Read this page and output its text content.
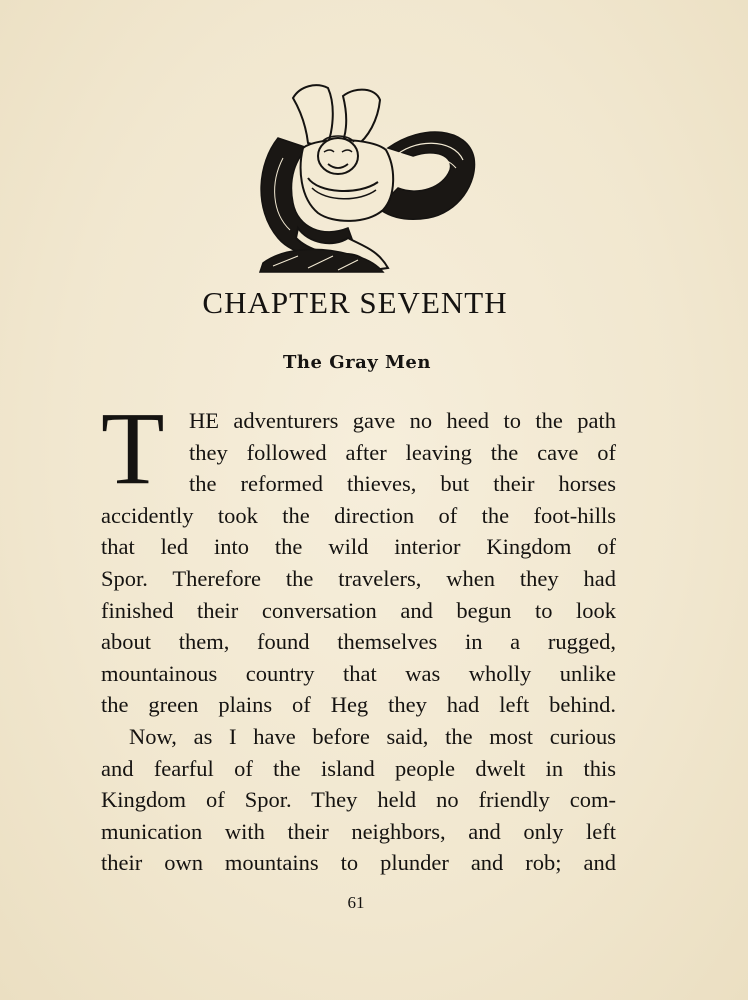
CHAPTER SEVENTH
The Gray Men
T HE adventurers gave no heed to the path
they followed after leaving the cave of
the reformed thieves, but their horses
accidently took the direction of the foot-hills
that led into the wild interior Kingdom of
Spor. Therefore the travelers, when they had
finished their conversation and begun to look
about them, found themselves in a rugged,
mountainous country that was wholly unlike
the green plains of Heg they had left behind.
Now, as I have before said, the most curious
and fearful of the island people dwelt in this
Kingdom of Spor. They held no friendly com-
munication with their neighbors, and only left
their own mountains to plunder and rob; and
61
